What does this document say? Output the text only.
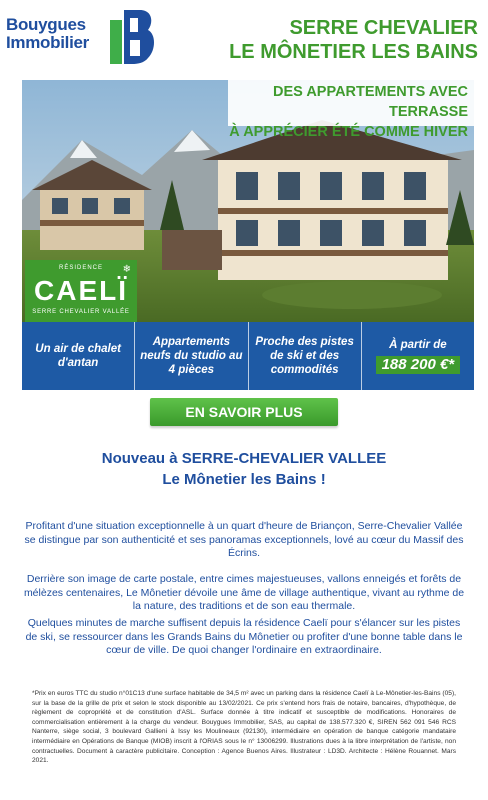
Bouygues
Immobilier
SERRE CHEVALIER
LE MÔNETIER LES BAINS
DES APPARTEMENTS AVEC TERRASSE
À APPRÉCIER ÉTÉ COMME HIVER
RÉSIDENCE	❄
CAELÏ
SERRE CHEVALIER VALLÉE
Un air de chalet d'antan
Appartements neufs du studio au 4 pièces
Proche des pistes de ski et des commodités
À partir de
188 200 €*
EN SAVOIR PLUS
Nouveau à SERRE-CHEVALIER VALLEE
Le Mônetier les Bains !
Profitant d'une situation exceptionnelle à un quart d'heure de Briançon, Serre-Chevalier Vallée se distingue par son authenticité et ses panoramas exceptionnels, lové au cœur du Massif des Écrins.
Derrière son image de carte postale, entre cimes majestueuses, vallons enneigés et forêts de mélèzes centenaires, Le Mônetier dévoile une âme de village authentique, vivant au rythme de la nature, des traditions et de son eau thermale.
Quelques minutes de marche suffisent depuis la résidence Caelï pour s'élancer sur les pistes de ski, se ressourcer dans les Grands Bains du Mônetier ou profiter d'une bonne table dans le cœur de ville. De quoi changer l'ordinaire en extraordinaire.
*Prix en euros TTC du studio n°01C13 d'une surface habitable de 34,5 m² avec un parking dans la résidence Caelï à Le-Mônetier-les-Bains (05), sur la base de la grille de prix et selon le stock disponible au 13/02/2021. Ce prix s'entend hors frais de notaire, bancaires, d'hypothèque, de règlement de copropriété et de constitution d'ASL. Surface donnée à titre indicatif et susceptible de modifications. Honoraires de commercialisation entièrement à la charge du vendeur. Bouygues Immobilier, SAS, au capital de 138.577.320 €, SIREN 562 091 546 RCS Nanterre, siège social, 3 boulevard Gallieni à Issy les Moulineaux (92130), intermédiaire en opération de banque catégorie mandataire intermédiaire en Opérations de Banque (MIOB) inscrit à l'ORIAS sous le n° 13006299. Illustrations dues à la libre interprétation de l'artiste, non contractuelles. Document à caractère publicitaire. Conception : Agence Buenos Aires. Illustrateur : LD3D. Architecte : Hélène Rouannet. Mars 2021.
